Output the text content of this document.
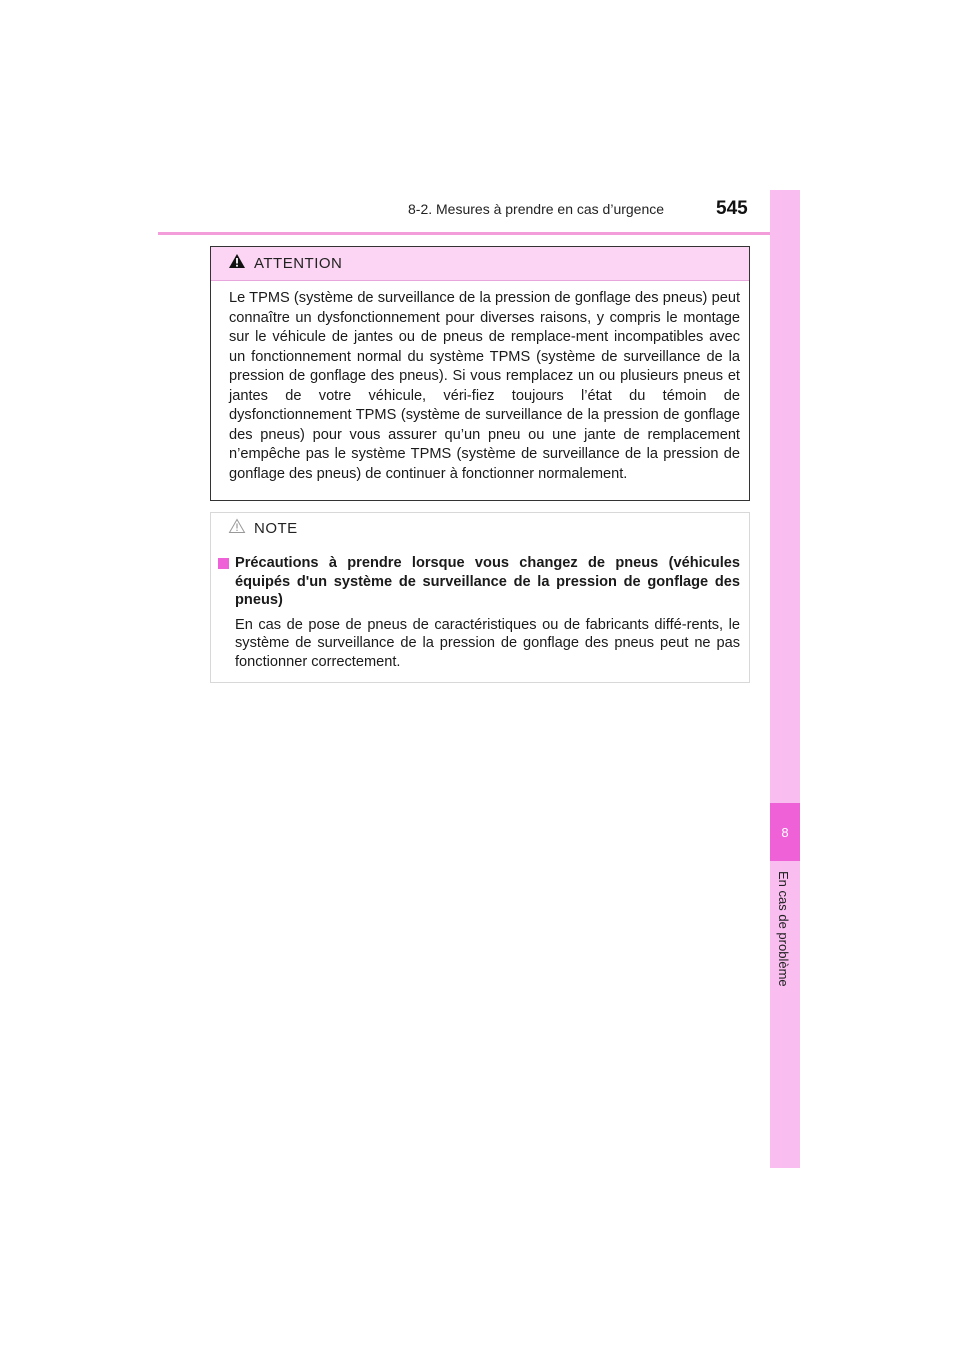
8-2. Mesures à prendre en cas d’urgence	545
8
En cas de problème
ATTENTION
Le TPMS (système de surveillance de la pression de gonflage des pneus) peut connaître un dysfonctionnement pour diverses raisons, y compris le montage sur le véhicule de jantes ou de pneus de remplace-ment incompatibles avec un fonctionnement normal du système TPMS (système de surveillance de la pression de gonflage des pneus). Si vous remplacez un ou plusieurs pneus et jantes de votre véhicule, véri-fiez toujours l’état du témoin de dysfonctionnement TPMS (système de surveillance de la pression de gonflage des pneus) pour vous assurer qu’un pneu ou une jante de remplacement n’empêche pas le système TPMS (système de surveillance de la pression de gonflage des pneus) de continuer à fonctionner normalement.
NOTE
Précautions à prendre lorsque vous changez de pneus (véhicules équipés d'un système de surveillance de la pression de gonflage des pneus)
En cas de pose de pneus de caractéristiques ou de fabricants diffé-rents, le système de surveillance de la pression de gonflage des pneus peut ne pas fonctionner correctement.
